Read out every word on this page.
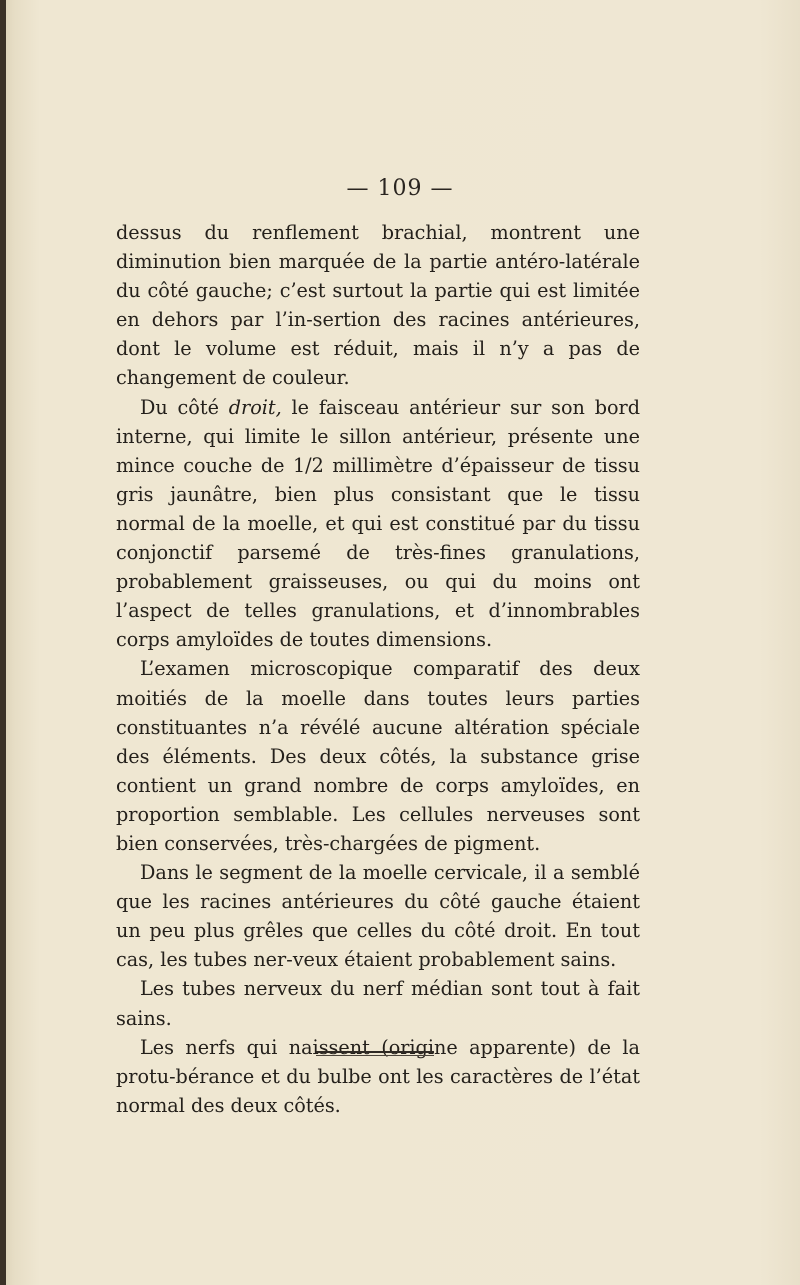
— 109 —

dessus du renflement brachial, montrent une diminution bien marquée de la partie antéro-latérale du côté gauche; c’est surtout la partie qui est limitée en dehors par l’in-sertion des racines antérieures, dont le volume est réduit, mais il n’y a pas de changement de couleur.

Du côté droit, le faisceau antérieur sur son bord interne, qui limite le sillon antérieur, présente une mince couche de 1/2 millimètre d’épaisseur de tissu gris jaunâtre, bien plus consistant que le tissu normal de la moelle, et qui est constitué par du tissu conjonctif parsemé de très-fines granulations, probablement graisseuses, ou qui du moins ont l’aspect de telles granulations, et d’innombrables corps amyloïdes de toutes dimensions.

L’examen microscopique comparatif des deux moitiés de la moelle dans toutes leurs parties constituantes n’a révélé aucune altération spéciale des éléments. Des deux côtés, la substance grise contient un grand nombre de corps amyloïdes, en proportion semblable. Les cellules nerveuses sont bien conservées, très-chargées de pigment.

Dans le segment de la moelle cervicale, il a semblé que les racines antérieures du côté gauche étaient un peu plus grêles que celles du côté droit. En tout cas, les tubes ner-veux étaient probablement sains.

Les tubes nerveux du nerf médian sont tout à fait sains.

Les nerfs qui naissent (origine apparente) de la protu-bérance et du bulbe ont les caractères de l’état normal des deux côtés.
